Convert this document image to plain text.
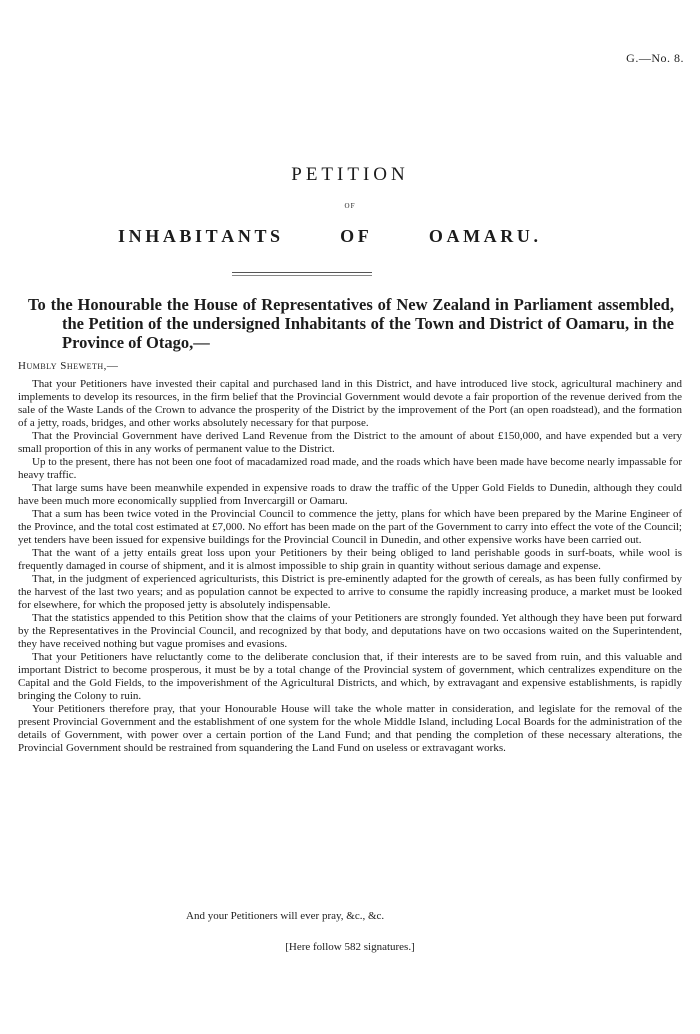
G.—No. 8.
PETITION
OF
I N H A B I T A N T S	O F	O A M A R U .
To the Honourable the House of Representatives of New Zealand in Parliament assembled, the Petition of the undersigned Inhabitants of the Town and District of Oamaru, in the Province of Otago,—
Humbly Sheweth,—

That your Petitioners have invested their capital and purchased land in this District, and have introduced live stock, agricultural machinery and implements to develop its resources, in the firm belief that the Provincial Government would devote a fair proportion of the revenue derived from the sale of the Waste Lands of the Crown to advance the prosperity of the District by the improvement of the Port (an open roadstead), and the formation of a jetty, roads, bridges, and other works absolutely necessary for that purpose.

That the Provincial Government have derived Land Revenue from the District to the amount of about £150,000, and have expended but a very small proportion of this in any works of permanent value to the District.

Up to the present, there has not been one foot of macadamized road made, and the roads which have been made have become nearly impassable for heavy traffic.

That large sums have been meanwhile expended in expensive roads to draw the traffic of the Upper Gold Fields to Dunedin, although they could have been much more economically supplied from Invercargill or Oamaru.

That a sum has been twice voted in the Provincial Council to commence the jetty, plans for which have been prepared by the Marine Engineer of the Province, and the total cost estimated at £7,000. No effort has been made on the part of the Government to carry into effect the vote of the Council; yet tenders have been issued for expensive buildings for the Provincial Council in Dunedin, and other expensive works have been carried out.

That the want of a jetty entails great loss upon your Petitioners by their being obliged to land perishable goods in surf-boats, while wool is frequently damaged in course of shipment, and it is almost impossible to ship grain in quantity without serious damage and expense.

That, in the judgment of experienced agriculturists, this District is pre-eminently adapted for the growth of cereals, as has been fully confirmed by the harvest of the last two years; and as population cannot be expected to arrive to consume the rapidly increasing produce, a market must be looked for elsewhere, for which the proposed jetty is absolutely indispensable.

That the statistics appended to this Petition show that the claims of your Petitioners are strongly founded. Yet although they have been put forward by the Representatives in the Provincial Council, and recognized by that body, and deputations have on two occasions waited on the Superintendent, they have received nothing but vague promises and evasions.

That your Petitioners have reluctantly come to the deliberate conclusion that, if their interests are to be saved from ruin, and this valuable and important District to become prosperous, it must be by a total change of the Provincial system of government, which centralizes expenditure on the Capital and the Gold Fields, to the impoverishment of the Agricultural Districts, and which, by extravagant and expensive establishments, is rapidly bringing the Colony to ruin.

Your Petitioners therefore pray, that your Honourable House will take the whole matter in consideration, and legislate for the removal of the present Provincial Government and the establishment of one system for the whole Middle Island, including Local Boards for the administration of the details of Government, with power over a certain portion of the Land Fund; and that pending the completion of these necessary alterations, the Provincial Government should be restrained from squandering the Land Fund on useless or extravagant works.

And your Petitioners will ever pray, &c., &c.
[Here follow 582 signatures.]
